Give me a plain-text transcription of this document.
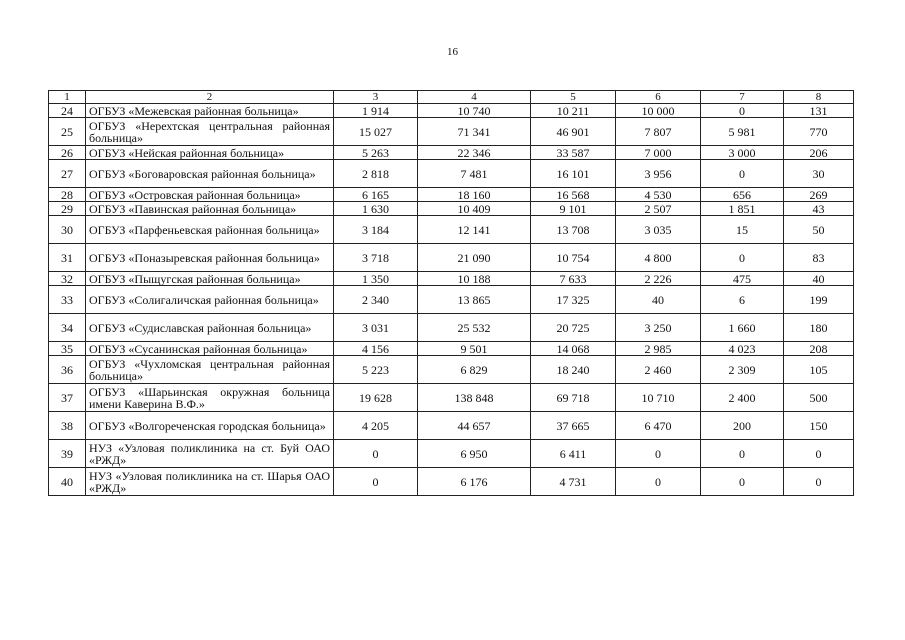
16
1	2	3	4	5	6	7	8
24	ОГБУЗ «Межевская районная больница»	1 914	10 740	10 211	10 000	0	131
25	ОГБУЗ «Нерехтская центральная районная больница»	15 027	71 341	46 901	7 807	5 981	770
26	ОГБУЗ «Нейская районная больница»	5 263	22 346	33 587	7 000	3 000	206
27	ОГБУЗ «Боговаровская районная больница»	2 818	7 481	16 101	3 956	0	30
28	ОГБУЗ «Островская районная больница»	6 165	18 160	16 568	4 530	656	269
29	ОГБУЗ «Павинская районная больница»	1 630	10 409	9 101	2 507	1 851	43
30	ОГБУЗ «Парфеньевская районная больница»	3 184	12 141	13 708	3 035	15	50
31	ОГБУЗ «Поназыревская районная больница»	3 718	21 090	10 754	4 800	0	83
32	ОГБУЗ «Пыщугская районная больница»	1 350	10 188	7 633	2 226	475	40
33	ОГБУЗ «Солигаличская районная больница»	2 340	13 865	17 325	40	6	199
34	ОГБУЗ «Судиславская районная больница»	3 031	25 532	20 725	3 250	1 660	180
35	ОГБУЗ «Сусанинская районная больница»	4 156	9 501	14 068	2 985	4 023	208
36	ОГБУЗ «Чухломская центральная районная больница»	5 223	6 829	18 240	2 460	2 309	105
37	ОГБУЗ «Шарьинская окружная больница имени Каверина В.Ф.»	19 628	138 848	69 718	10 710	2 400	500
38	ОГБУЗ «Волгореченская городская больница»	4 205	44 657	37 665	6 470	200	150
39	НУЗ «Узловая поликлиника на ст. Буй ОАО «РЖД»	0	6 950	6 411	0	0	0
40	НУЗ «Узловая поликлиника на ст. Шарья ОАО «РЖД»	0	6 176	4 731	0	0	0
